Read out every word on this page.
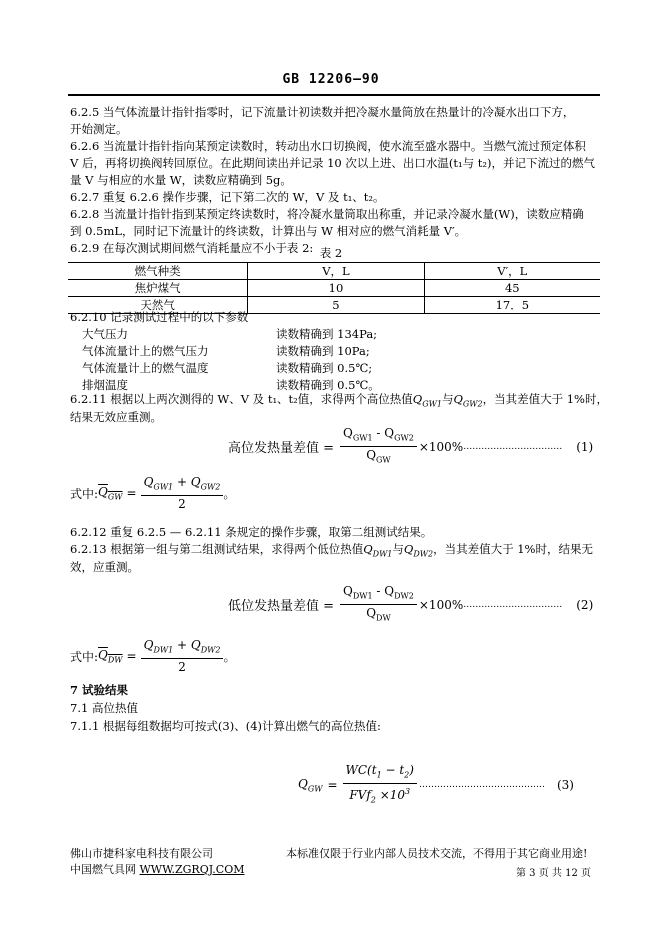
GB 12206—90
6.2.5 当气体流量计指针指零时，记下流量计初读数并把冷凝水量筒放在热量计的冷凝水出口下方，
开始测定。
6.2.6 当流量计指针指向某预定读数时，转动出水口切换阀，使水流至盛水器中。当燃气流过预定体积
V 后，再将切换阀转回原位。在此期间读出并记录 10 次以上进、出口水温(t₁与 t₂)，并记下流过的燃气
量 V 与相应的水量 W，读数应精确到 5g。
6.2.7 重复 6.2.6 操作步骤，记下第二次的 W，V 及 t₁、t₂。
6.2.8 当流量计指针指到某预定终读数时，将冷凝水量筒取出称重，并记录冷凝水量(W)，读数应精确
到 0.5mL，同时记下流量计的终读数，计算出与 W 相对应的燃气消耗量 V′。
6.2.9 在每次测试期间燃气消耗量应不小于表 2: 表 2
燃气种类	V，L	V′，L
焦炉煤气	10	45
天然气	5	17．5
6.2.10 记录测试过程中的以下参数
大气压力	读数精确到 134Pa;
气体流量计上的燃气压力	读数精确到 10Pa;
气体流量计上的燃气温度	读数精确到 0.5℃;
排烟温度	读数精确到 0.5℃。
6.2.11 根据以上两次测得的 W、V 及 t₁、t₂值，求得两个高位热值$Q_{GW1}$与$Q_{GW2}$，当其差值大于 1%时，
结果无效应重测。
高位发热量差值 = $\frac{Q_{GW1} - Q_{GW2}}{Q_{GW}} \times 100\%$ …………………………… (1)
式中: $Q_{GW} = \frac{Q_{GW1} + Q_{GW2}}{2}$ 。
6.2.12 重复 6.2.5 — 6.2.11 条规定的操作步骤，取第二组测试结果。
6.2.13 根据第一组与第二组测试结果，求得两个低位热值$Q_{DW1}$与$Q_{DW2}$，当其差值大于 1%时，结果无
效，应重测。
低位发热量差值 = $\frac{Q_{DW1} - Q_{DW2}}{Q_{DW}} \times 100\%$ …………………………… (2)
式中: $Q_{DW} = \frac{Q_{DW1} + Q_{DW2}}{2}$ 。
7 试验结果
7.1 高位热值
7.1.1 根据每组数据均可按式(3)、(4)计算出燃气的高位热值:
$Q_{GW} = \frac{WC(t_1 - t_2)}{FVf_2 \times 10^3}$ …………………………………… (3)
佛山市捷科家电科技有限公司
中国燃气具网 WWW.ZGRQJ.COM
本标准仅限于行业内部人员技术交流，不得用于其它商业用途!
第 3 页 共 12 页
